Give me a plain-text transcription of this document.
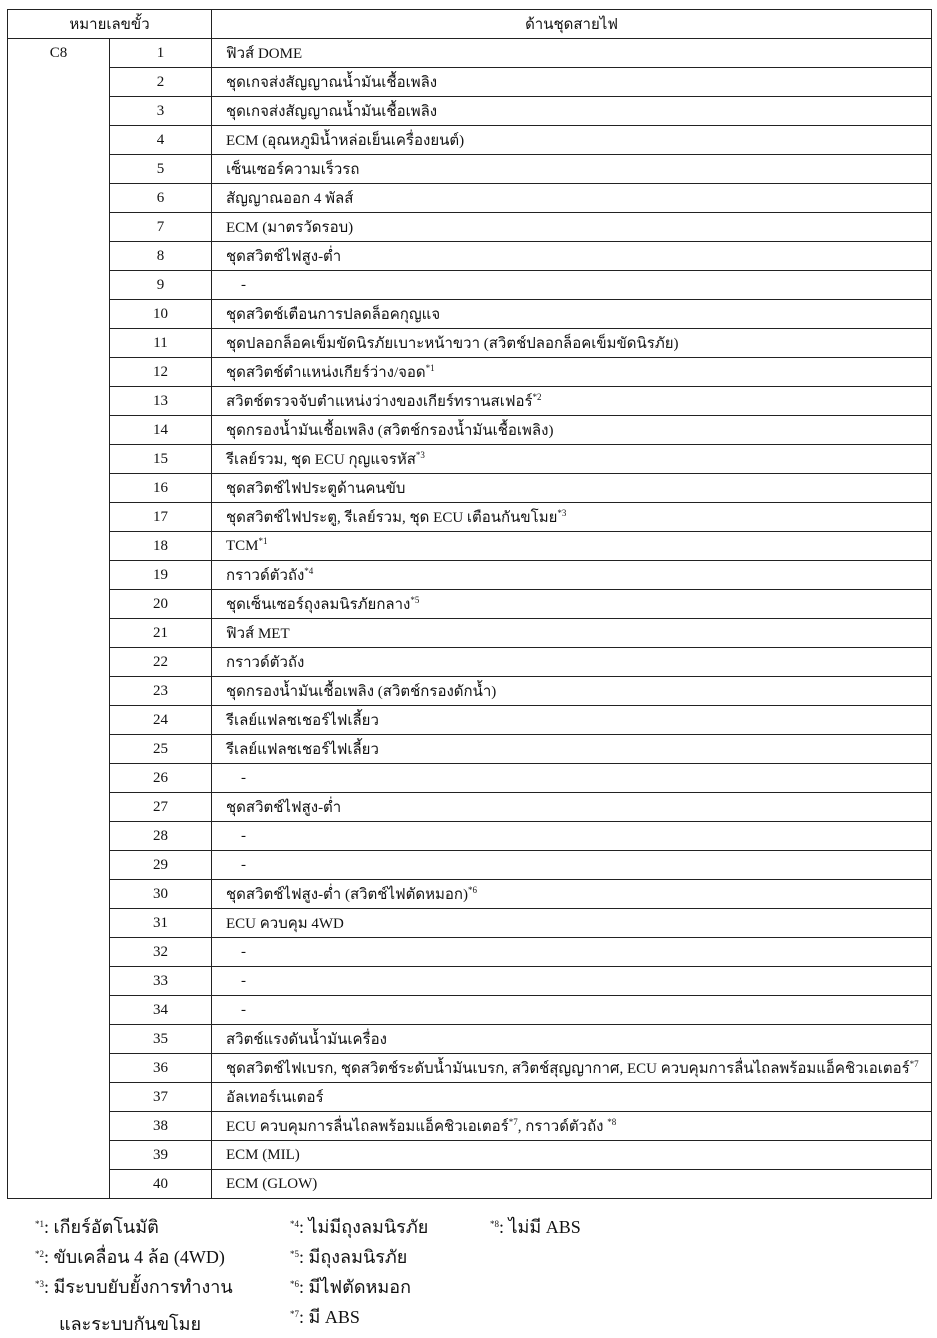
หมายเลขขั้ว		ด้านชุดสายไฟ
C8	1	ฟิวส์ DOME
	2	ชุดเกจส่งสัญญาณน้ำมันเชื้อเพลิง
	3	ชุดเกจส่งสัญญาณน้ำมันเชื้อเพลิง
	4	ECM (อุณหภูมิน้ำหล่อเย็นเครื่องยนต์)
	5	เซ็นเซอร์ความเร็วรถ
	6	สัญญาณออก 4 พัลส์
	7	ECM (มาตรวัดรอบ)
	8	ชุดสวิตช์ไฟสูง-ต่ำ
	9	-
	10	ชุดสวิตช์เตือนการปลดล็อคกุญแจ
	11	ชุดปลอกล็อคเข็มขัดนิรภัยเบาะหน้าขวา (สวิตช์ปลอกล็อคเข็มขัดนิรภัย)
	12	ชุดสวิตช์ตำแหน่งเกียร์ว่าง/จอด$^{*1}$
	13	สวิตช์ตรวจจับตำแหน่งว่างของเกียร์ทรานสเฟอร์$^{*2}$
	14	ชุดกรองน้ำมันเชื้อเพลิง (สวิตช์กรองน้ำมันเชื้อเพลิง)
	15	รีเลย์รวม, ชุด ECU กุญแจรหัส$^{*3}$
	16	ชุดสวิตช์ไฟประตูด้านคนขับ
	17	ชุดสวิตช์ไฟประตู, รีเลย์รวม, ชุด ECU เตือนกันขโมย$^{*3}$
	18	TCM$^{*1}$
	19	กราวด์ตัวถัง$^{*4}$
	20	ชุดเซ็นเซอร์ถุงลมนิรภัยกลาง$^{*5}$
	21	ฟิวส์ MET
	22	กราวด์ตัวถัง
	23	ชุดกรองน้ำมันเชื้อเพลิง (สวิตช์กรองดักน้ำ)
	24	รีเลย์แฟลชเชอร์ไฟเลี้ยว
	25	รีเลย์แฟลชเชอร์ไฟเลี้ยว
	26	-
	27	ชุดสวิตช์ไฟสูง-ต่ำ
	28	-
	29	-
	30	ชุดสวิตช์ไฟสูง-ต่ำ (สวิตช์ไฟตัดหมอก)$^{*6}$
	31	ECU ควบคุม 4WD
	32	-
	33	-
	34	-
	35	สวิตช์แรงดันน้ำมันเครื่อง
	36	ชุดสวิตช์ไฟเบรก, ชุดสวิตช์ระดับน้ำมันเบรก, สวิตช์สุญญากาศ, ECU ควบคุมการลื่นไถลพร้อมแอ็คชิวเอเตอร์$^{*7}$
	37	อัลเทอร์เนเตอร์
	38	ECU ควบคุมการลื่นไถลพร้อมแอ็คชิวเอเตอร์$^{*7}$, กราวด์ตัวถัง $^{*8}$
	39	ECM (MIL)
	40	ECM (GLOW)
$^{*1}$: เกียร์อัตโนมัติ
$^{*2}$: ขับเคลื่อน 4 ล้อ (4WD)
$^{*3}$: มีระบบยับยั้งการทำงาน
และระบบกันขโมย
$^{*4}$: ไม่มีถุงลมนิรภัย
$^{*5}$: มีถุงลมนิรภัย
$^{*6}$: มีไฟตัดหมอก
$^{*7}$: มี ABS
$^{*8}$: ไม่มี ABS
